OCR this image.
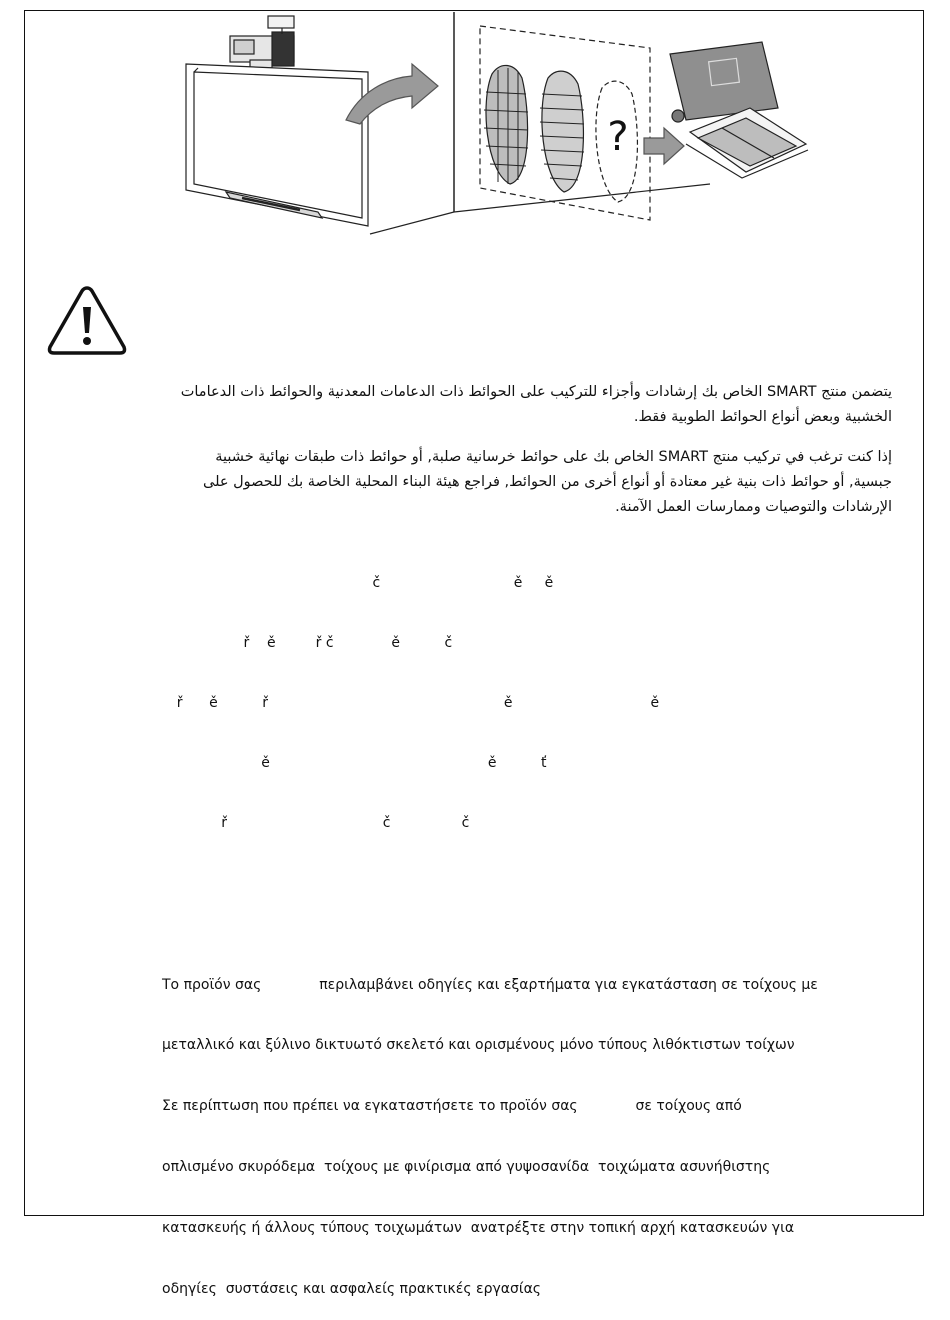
?

يتضمن منتج SMART الخاص بك إرشادات وأجزاء للتركيب على الحوائط ذات الدعامات المعدنية والحوائط ذات الدعامات الخشبية وبعض أنواع الحوائط الطوبية فقط.

إذا كنت ترغب في تركيب منتج SMART الخاص بك على حوائط خرسانية صلبة, أو حوائط ذات طبقات نهائية خشبية جبسية, أو حوائط ذات بنية غير معتادة أو أنواع أخرى من الحوائط, فراجع هيئة البناء المحلية الخاصة بك للحصول على الإرشادات والتوصيات وممارسات العمل الآمنة.

č                              ě     ě

ř    ě         ř č             ě          č

ř      ě          ř                                                     ě                               ě

ě                                                 ě          ť

ř                                   č                č

Το προϊόν σας             περιλαμβάνει οδηγίες και εξαρτήματα για εγκατάσταση σε τοίχους με

μεταλλικό και ξύλινο δικτυωτό σκελετό και ορισμένους μόνο τύπους λιθόκτιστων τοίχων

Σε περίπτωση που πρέπει να εγκαταστήσετε το προϊόν σας             σε τοίχους από

οπλισμένο σκυρόδεμα  τοίχους με φινίρισμα από γυψοσανίδα  τοιχώματα ασυνήθιστης

κατασκευής ή άλλους τύπους τοιχωμάτων  ανατρέξτε στην τοπική αρχή κατασκευών για

οδηγίες  συστάσεις και ασφαλείς πρακτικές εργασίας
